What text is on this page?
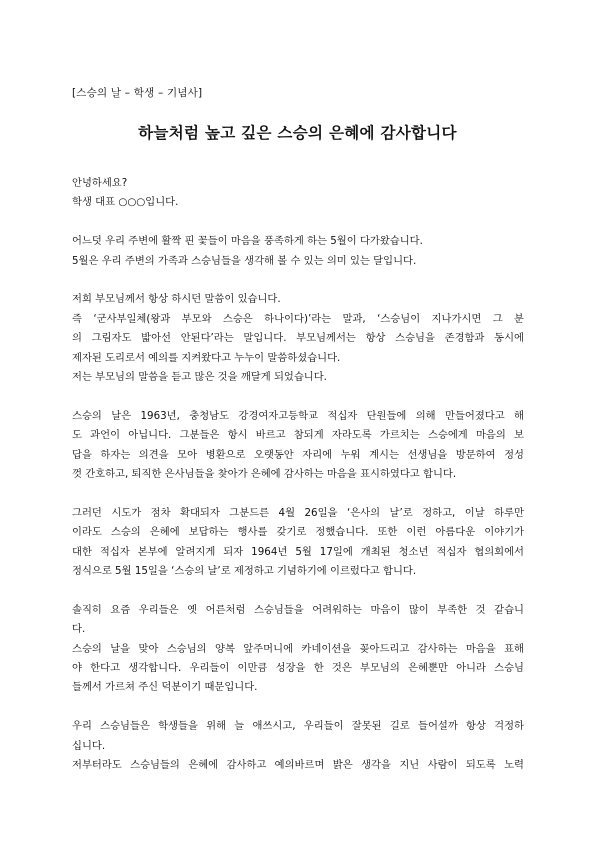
[스승의 날 – 학생 – 기념사]
하늘처럼 높고 깊은 스승의 은혜에 감사합니다
안녕하세요?
학생 대표 ○○○입니다.
어느덧 우리 주변에 활짝 핀 꽃들이 마음을 풍족하게 하는 5월이 다가왔습니다.
5월은 우리 주변의 가족과 스승님들을 생각해 볼 수 있는 의미 있는 달입니다.
저희 부모님께서 항상 하시던 말씀이 있습니다.
즉 ‘군사부일체(왕과 부모와 스승은 하나이다)’라는 말과, ‘스승님이 지나가시면 그 분
의 그림자도 밟아선 안된다’라는 말입니다. 부모님께서는 항상 스승님을 존경함과 동시에
제자된 도리로서 예의를 지켜왔다고 누누이 말씀하셨습니다.
저는 부모님의 말씀을 듣고 많은 것을 깨달게 되었습니다.
스승의 날은 1963년, 충청남도 강경여자고등학교 적십자 단원들에 의해 만들어졌다고 해
도 과언이 아닙니다. 그분들은 항시 바르고 참되게 자라도록 가르치는 스승에게 마음의 보
답을 하자는 의견을 모아 병환으로 오랫동안 자리에 누워 계시는 선생님을 방문하여 정성
껏 간호하고, 퇴직한 은사님들을 찾아가 은혜에 감사하는 마음을 표시하였다고 합니다.
그러던 시도가 점차 확대되자 그분드른 4월 26일을 ‘은사의 날’로 정하고, 이날 하루만
이라도 스승의 은혜에 보답하는 행사를 갖기로 정했습니다. 또한 이런 아름다운 이야기가
대한 적십자 본부에 알려지게 되자 1964년 5월 17일에 개최된 청소년 적십자 협의회에서
정식으로 5월 15일을 ‘스승의 날’로 제정하고 기념하기에 이르렀다고 합니다.
솔직히 요즘 우리들은 옛 어른처럼 스승님들을 어려워하는 마음이 많이 부족한 것 같습니
다.
스승의 날을 맞아 스승님의 양복 앞주머니에 카네이션을 꽂아드리고 감사하는 마음을 표해
야 한다고 생각합니다. 우리들이 이만큼 성장을 한 것은 부모님의 은혜뿐만 아니라 스승님
들께서 가르쳐 주신 덕분이기 때문입니다.
우리 스승님들은 학생들을 위해 늘 애쓰시고, 우리들이 잘못된 길로 들어설까 항상 걱정하
십니다.
저부터라도 스승님들의 은혜에 감사하고 예의바르며 밝은 생각을 지닌 사람이 되도록 노력
